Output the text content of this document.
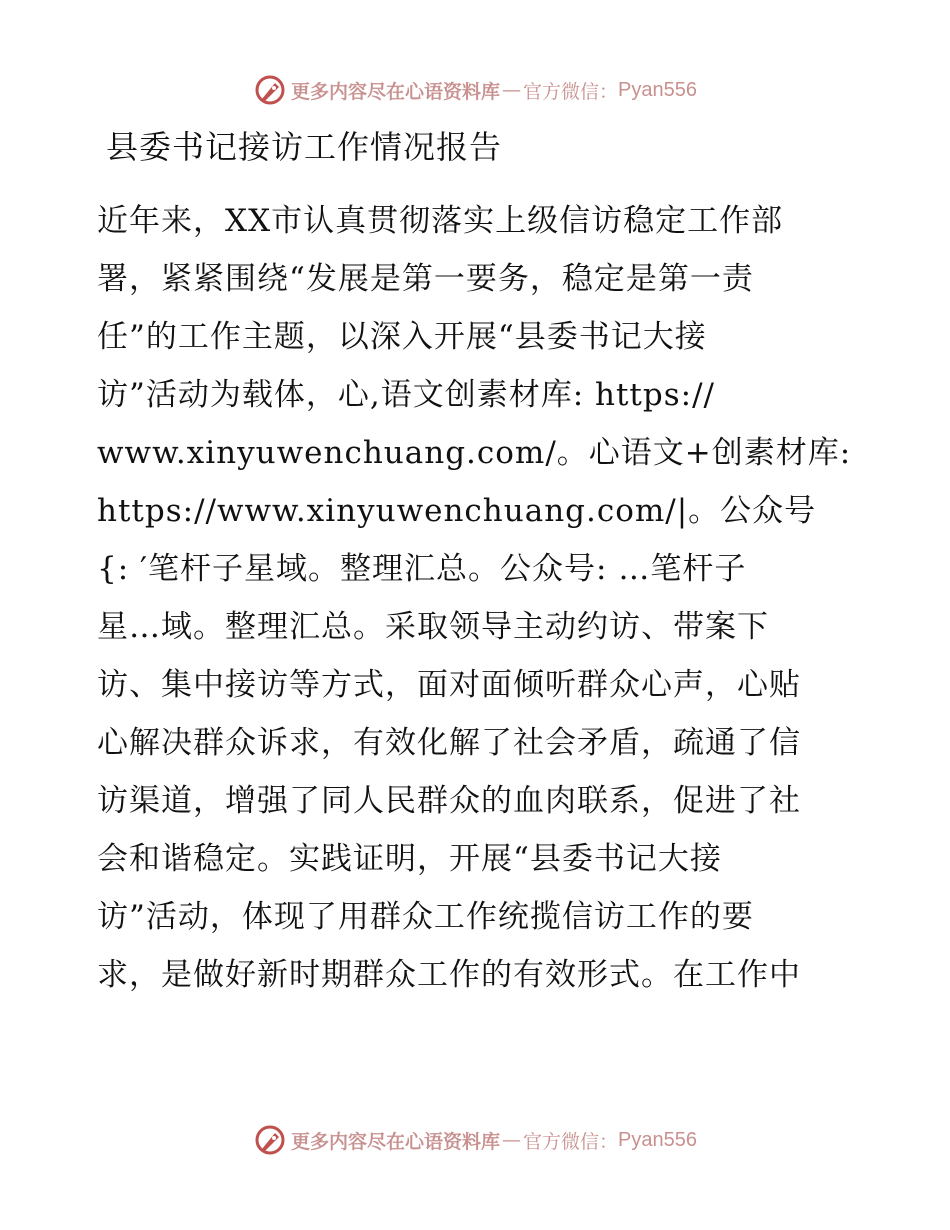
更多内容尽在心语资料库 — 官方微信： Pyan556
县委书记接访工作情况报告
近年来，XX市认真贯彻落实上级信访稳定工作部
署，紧紧围绕“发展是第一要务，稳定是第一责
任”的工作主题，以深入开展“县委书记大接
访”活动为载体，心,语文创素材库: https://
www.xinyuwenchuang.com/。心语文+创素材库:
https://www.xinyuwenchuang.com/|。公众号
{: ′笔杆子星域。整理汇总。公众号: …笔杆子
星…域。整理汇总。采取领导主动约访、带案下
访、集中接访等方式，面对面倾听群众心声，心贴
心解决群众诉求，有效化解了社会矛盾，疏通了信
访渠道，增强了同人民群众的血肉联系，促进了社
会和谐稳定。实践证明，开展“县委书记大接
访”活动，体现了用群众工作统揽信访工作的要
求，是做好新时期群众工作的有效形式。在工作中
更多内容尽在心语资料库 — 官方微信： Pyan556
